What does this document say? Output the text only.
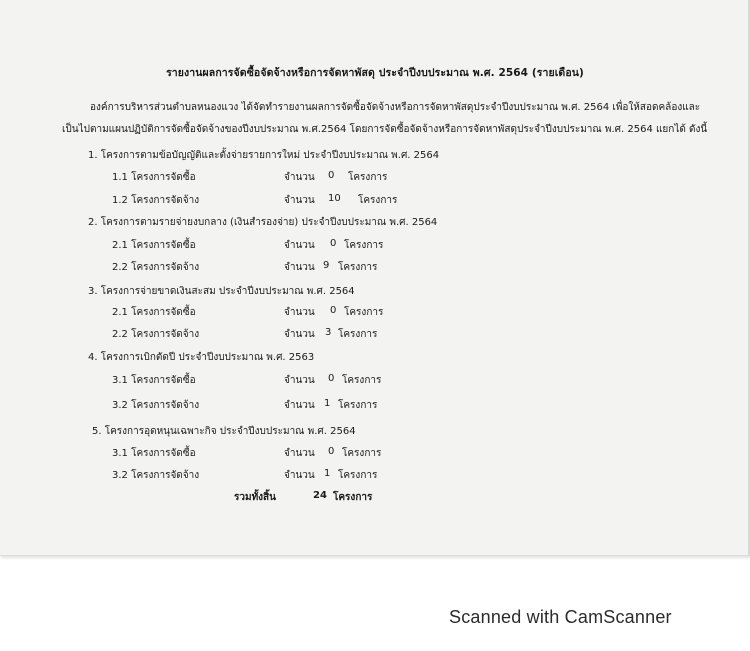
รายงานผลการจัดซื้อจัดจ้างหรือการจัดหาพัสดุ ประจำปีงบประมาณ พ.ศ. 2564 (รายเดือน)
องค์การบริหารส่วนตำบลหนองแวง ได้จัดทำรายงานผลการจัดซื้อจัดจ้างหรือการจัดหาพัสดุประจำปีงบประมาณ พ.ศ. 2564 เพื่อให้สอดคล้องและ
เป็นไปตามแผนปฏิบัติการจัดซื้อจัดจ้างของปีงบประมาณ พ.ศ.2564 โดยการจัดซื้อจัดจ้างหรือการจัดหาพัสดุประจำปีงบประมาณ พ.ศ. 2564 แยกได้ ดังนี้
1. โครงการตามข้อบัญญัติและตั้งจ่ายรายการใหม่ ประจำปีงบประมาณ พ.ศ. 2564
1.1 โครงการจัดซื้อ	จำนวน 0 โครงการ
1.2 โครงการจัดจ้าง	จำนวน 10 โครงการ
2. โครงการตามรายจ่ายงบกลาง (เงินสำรองจ่าย) ประจำปีงบประมาณ พ.ศ. 2564
2.1 โครงการจัดซื้อ	จำนวน 0 โครงการ
2.2 โครงการจัดจ้าง	จำนวน 9 โครงการ
3. โครงการจ่ายขาดเงินสะสม ประจำปีงบประมาณ พ.ศ. 2564
2.1 โครงการจัดซื้อ	จำนวน 0 โครงการ
2.2 โครงการจัดจ้าง	จำนวน 3 โครงการ
4. โครงการเบิกตัดปี ประจำปีงบประมาณ พ.ศ. 2563
3.1 โครงการจัดซื้อ	จำนวน 0 โครงการ
3.2 โครงการจัดจ้าง	จำนวน 1 โครงการ
5. โครงการอุดหนุนเฉพาะกิจ ประจำปีงบประมาณ พ.ศ. 2564
3.1 โครงการจัดซื้อ	จำนวน 0 โครงการ
3.2 โครงการจัดจ้าง	จำนวน 1 โครงการ
รวมทั้งสิ้น	24 โครงการ
Scanned with CamScanner
